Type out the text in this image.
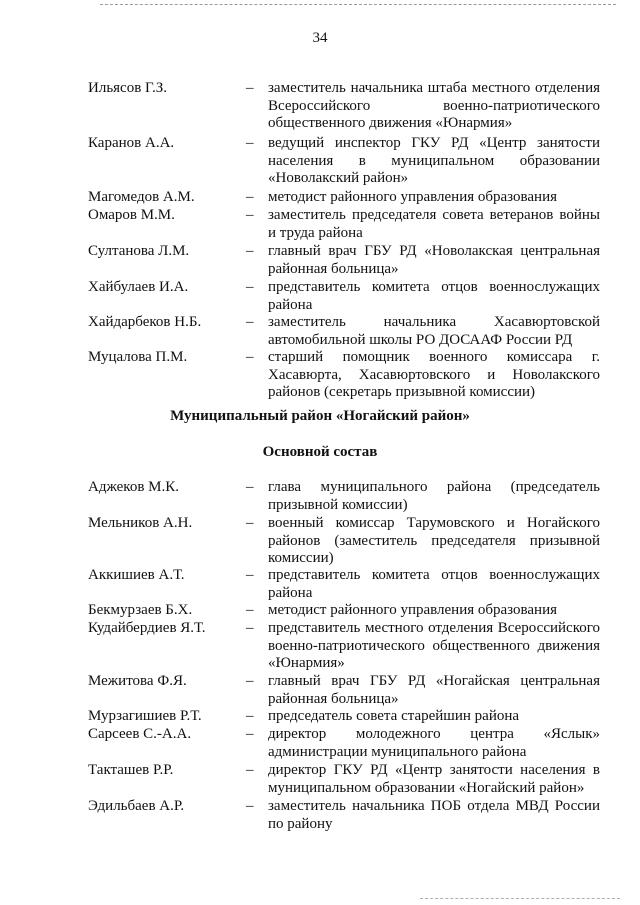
34
Ильясов Г.З.	– заместитель начальника штаба местного отделения Всероссийского военно-патриотического общественного движения «Юнармия»
Каранов А.А.	– ведущий инспектор ГКУ РД «Центр занятости населения в муниципальном образовании «Новолакский район»
Магомедов А.М.	– методист районного управления образования
Омаров М.М.	– заместитель председателя совета ветеранов войны и труда района
Султанова Л.М.	– главный врач ГБУ РД «Новолакская центральная районная больница»
Хайбулаев И.А.	– представитель комитета отцов военнослужащих района
Хайдарбеков Н.Б.	– заместитель начальника Хасавюртовской автомобильной школы РО ДОСААФ России РД
Муцалова П.М.	– старший помощник военного комиссара г. Хасавюрта, Хасавюртовского и Новолакского районов (секретарь призывной комиссии)
Муниципальный район «Ногайский район»
Основной состав
Аджеков М.К.	– глава муниципального района (председатель призывной комиссии)
Мельников А.Н.	– военный комиссар Тарумовского и Ногайского районов (заместитель председателя призывной комиссии)
Аккишиев А.Т.	– представитель комитета отцов военнослужащих района
Бекмурзаев Б.Х.	– методист районного управления образования
Кудайбердиев Я.Т.	– представитель местного отделения Всероссийского военно-патриотического общественного движения «Юнармия»
Межитова Ф.Я.	– главный врач ГБУ РД «Ногайская центральная районная больница»
Мурзагишиев Р.Т.	– председатель совета старейшин района
Сарсеев С.-А.А.	– директор молодежного центра «Яслык» администрации муниципального района
Такташев Р.Р.	– директор ГКУ РД «Центр занятости населения в муниципальном образовании «Ногайский район»
Эдильбаев А.Р.	– заместитель начальника ПОБ отдела МВД России по району
